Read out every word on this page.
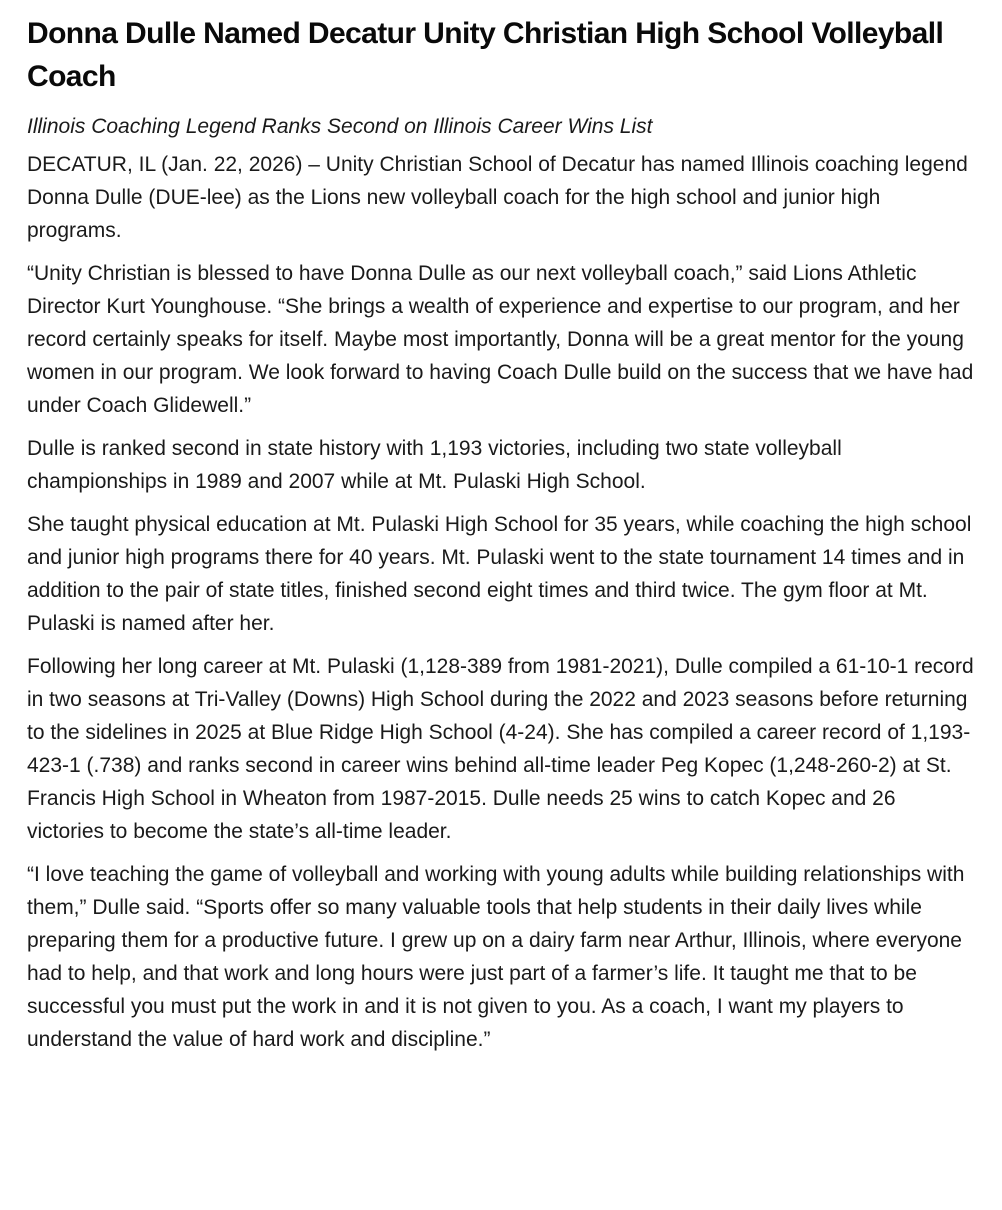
Donna Dulle Named Decatur Unity Christian High School Volleyball Coach

Illinois Coaching Legend Ranks Second on Illinois Career Wins List

DECATUR, IL (Jan. 22, 2026) – Unity Christian School of Decatur has named Illinois coaching legend Donna Dulle (DUE-lee) as the Lions new volleyball coach for the high school and junior high programs.

“Unity Christian is blessed to have Donna Dulle as our next volleyball coach,” said Lions Athletic Director Kurt Younghouse. “She brings a wealth of experience and expertise to our program, and her record certainly speaks for itself. Maybe most importantly, Donna will be a great mentor for the young women in our program. We look forward to having Coach Dulle build on the success that we have had under Coach Glidewell.”

Dulle is ranked second in state history with 1,193 victories, including two state volleyball championships in 1989 and 2007 while at Mt. Pulaski High School.

She taught physical education at Mt. Pulaski High School for 35 years, while coaching the high school and junior high programs there for 40 years. Mt. Pulaski went to the state tournament 14 times and in addition to the pair of state titles, finished second eight times and third twice. The gym floor at Mt. Pulaski is named after her.

Following her long career at Mt. Pulaski (1,128-389 from 1981-2021), Dulle compiled a 61-10-1 record in two seasons at Tri-Valley (Downs) High School during the 2022 and 2023 seasons before returning to the sidelines in 2025 at Blue Ridge High School (4-24). She has compiled a career record of 1,193-423-1 (.738) and ranks second in career wins behind all-time leader Peg Kopec (1,248-260-2) at St. Francis High School in Wheaton from 1987-2015. Dulle needs 25 wins to catch Kopec and 26 victories to become the state’s all-time leader.

“I love teaching the game of volleyball and working with young adults while building relationships with them,” Dulle said. “Sports offer so many valuable tools that help students in their daily lives while preparing them for a productive future. I grew up on a dairy farm near Arthur, Illinois, where everyone had to help, and that work and long hours were just part of a farmer’s life. It taught me that to be successful you must put the work in and it is not given to you. As a coach, I want my players to understand the value of hard work and discipline.”
